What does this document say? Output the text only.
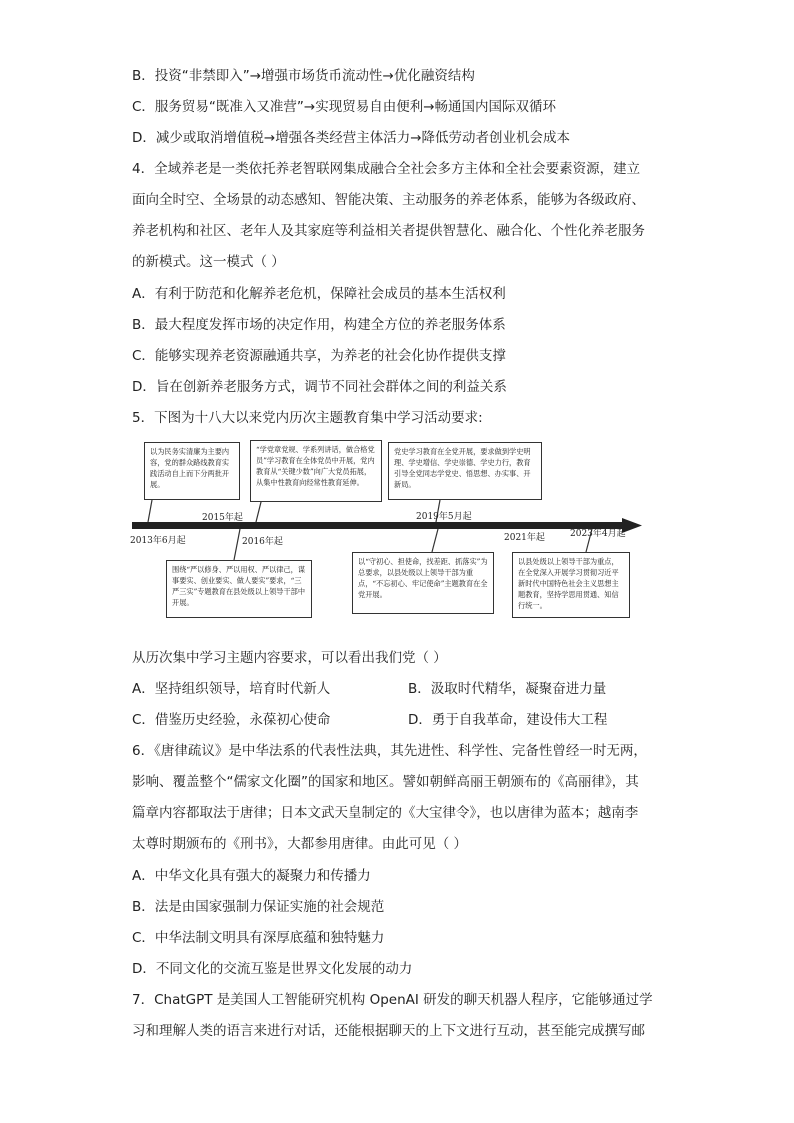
B．投资“非禁即入”→增强市场货币流动性→优化融资结构
C．服务贸易“既准入又准营”→实现贸易自由便利→畅通国内国际双循环
D．减少或取消增值税→增强各类经营主体活力→降低劳动者创业机会成本
4．全域养老是一类依托养老智联网集成融合全社会多方主体和全社会要素资源，建立
面向全时空、全场景的动态感知、智能决策、主动服务的养老体系，能够为各级政府、
养老机构和社区、老年人及其家庭等利益相关者提供智慧化、融合化、个性化养老服务
的新模式。这一模式（ ）
A．有利于防范和化解养老危机，保障社会成员的基本生活权利
B．最大程度发挥市场的决定作用，构建全方位的养老服务体系
C．能够实现养老资源融通共享，为养老的社会化协作提供支撑
D．旨在创新养老服务方式，调节不同社会群体之间的利益关系
5．下图为十八大以来党内历次主题教育集中学习活动要求:
以为民务实清廉为主要内容，党的群众路线教育实践活动自上而下分两批开展。
“学党章党规、学系列讲话，做合格党员”学习教育在全体党员中开展，党内教育从“关键少数”向广大党员拓展，从集中性教育向经常性教育延伸。
党史学习教育在全党开展，要求做到学史明理、学史增信、学史崇德、学史力行，教育引导全党同志学党史、悟思想、办实事、开新局。
2015年起
2013年6月起	2016年起
2019年5月起
2021年起	2023年4月起
围绕“严以修身、严以用权、严以律己，谋事要实、创业要实、做人要实”要求，“三严三实”专题教育在县处级以上领导干部中开展。
以“守初心、担使命，找差距、抓落实”为总要求，以县处级以上领导干部为重点，“不忘初心、牢记使命”主题教育在全党开展。
以县处级以上领导干部为重点，在全党深入开展学习贯彻习近平新时代中国特色社会主义思想主题教育，坚持学思用贯通、知信行统一。
从历次集中学习主题内容要求，可以看出我们党（ ）
A．坚持组织领导，培育时代新人	B．汲取时代精华，凝聚奋进力量
C．借鉴历史经验，永葆初心使命	D．勇于自我革命，建设伟大工程
6．《唐律疏议》是中华法系的代表性法典，其先进性、科学性、完备性曾经一时无两，
影响、覆盖整个“儒家文化圈”的国家和地区。譬如朝鲜高丽王朝颁布的《高丽律》，其
篇章内容都取法于唐律；日本文武天皇制定的《大宝律令》，也以唐律为蓝本；越南李
太尊时期颁布的《刑书》，大都参用唐律。由此可见（ ）
A．中华文化具有强大的凝聚力和传播力
B．法是由国家强制力保证实施的社会规范
C．中华法制文明具有深厚底蕴和独特魅力
D．不同文化的交流互鉴是世界文化发展的动力
7．ChatGPT 是美国人工智能研究机构 OpenAI 研发的聊天机器人程序，它能够通过学
习和理解人类的语言来进行对话，还能根据聊天的上下文进行互动，甚至能完成撰写邮
